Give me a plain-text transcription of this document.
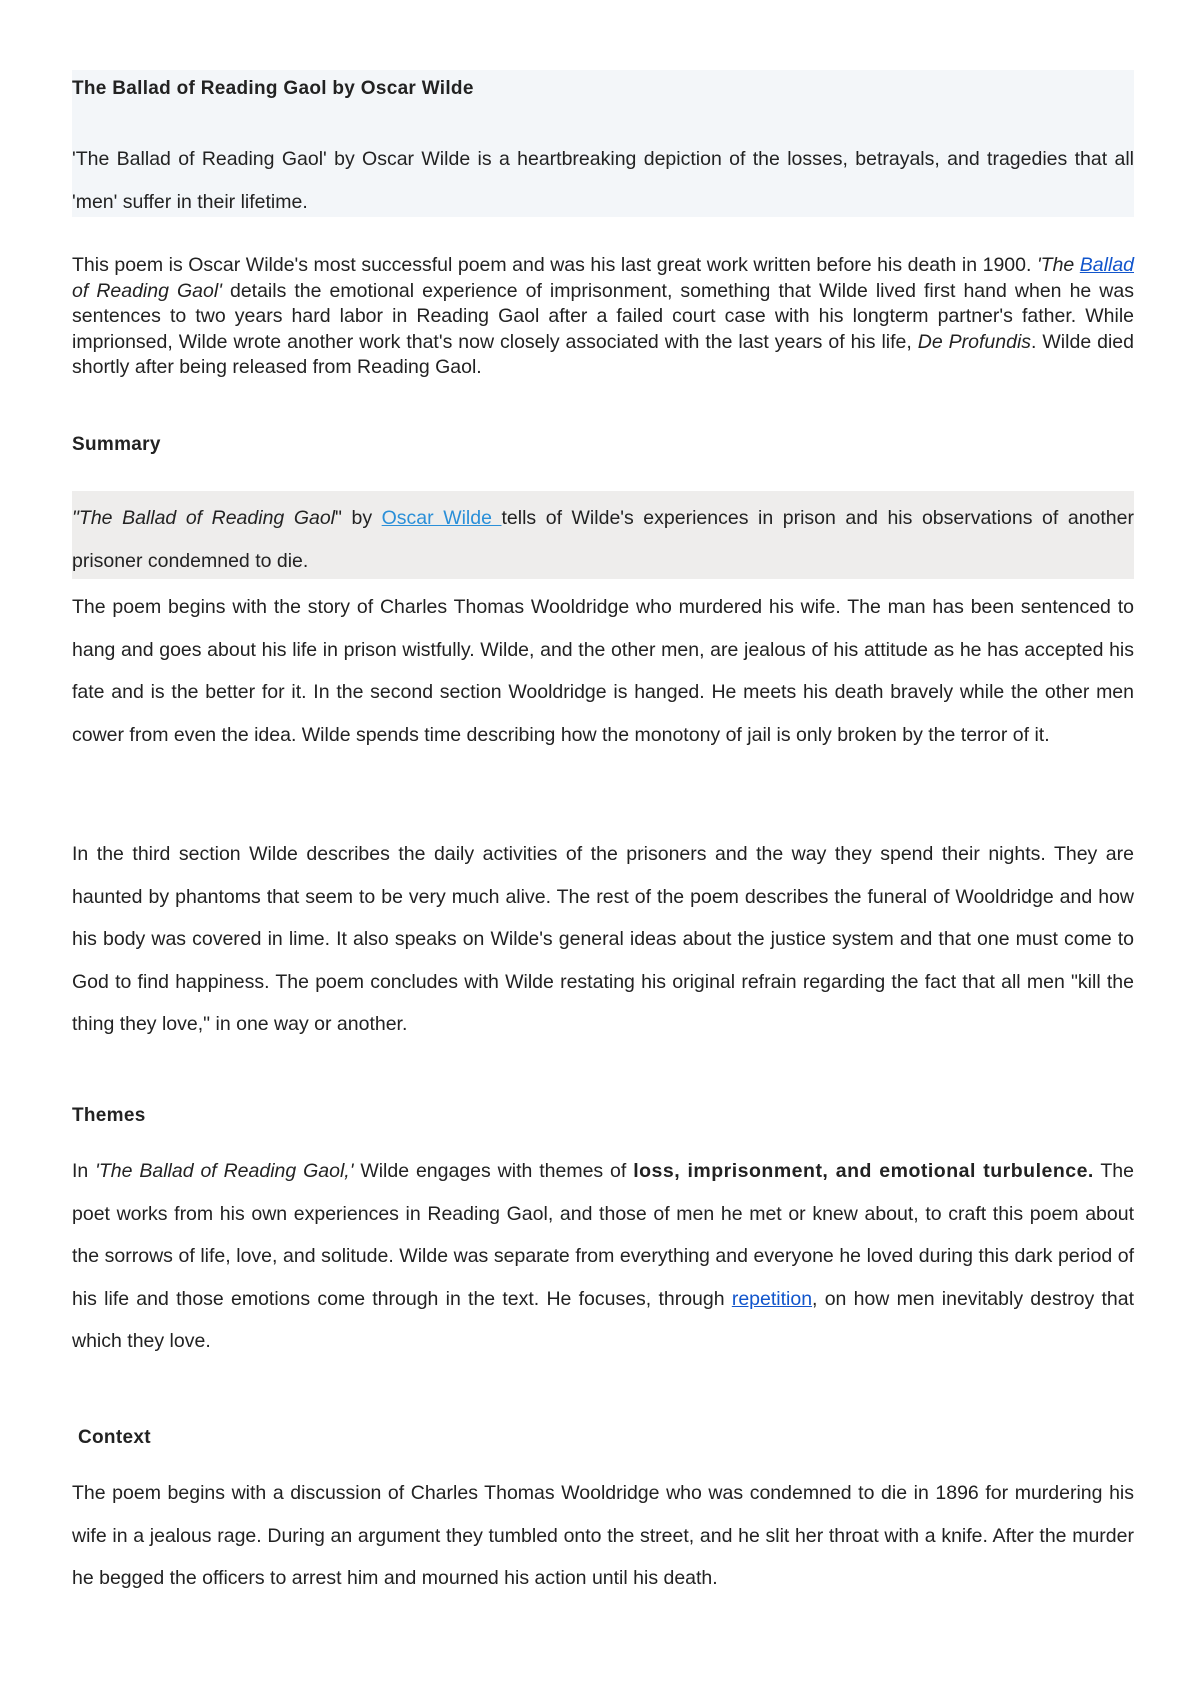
The Ballad of Reading Gaol by Oscar Wilde

'The Ballad of Reading Gaol' by Oscar Wilde is a heartbreaking depiction of the losses, betrayals, and tragedies that all 'men' suffer in their lifetime.

This poem is Oscar Wilde's most successful poem and was his last great work written before his death in 1900. 'The Ballad of Reading Gaol' details the emotional experience of imprisonment, something that Wilde lived first hand when he was sentences to two years hard labor in Reading Gaol after a failed court case with his longterm partner's father. While imprionsed, Wilde wrote another work that's now closely associated with the last years of his life, De Profundis. Wilde died shortly after being released from Reading Gaol.

Summary

"The Ballad of Reading Gaol" by Oscar Wilde tells of Wilde's experiences in prison and his observations of another prisoner condemned to die.

The poem begins with the story of Charles Thomas Wooldridge who murdered his wife. The man has been sentenced to hang and goes about his life in prison wistfully. Wilde, and the other men, are jealous of his attitude as he has accepted his fate and is the better for it. In the second section Wooldridge is hanged. He meets his death bravely while the other men cower from even the idea. Wilde spends time describing how the monotony of jail is only broken by the terror of it.

In the third section Wilde describes the daily activities of the prisoners and the way they spend their nights. They are haunted by phantoms that seem to be very much alive. The rest of the poem describes the funeral of Wooldridge and how his body was covered in lime. It also speaks on Wilde's general ideas about the justice system and that one must come to God to find happiness. The poem concludes with Wilde restating his original refrain regarding the fact that all men "kill the thing they love," in one way or another.

Themes

In 'The Ballad of Reading Gaol,' Wilde engages with themes of loss, imprisonment, and emotional turbulence. The poet works from his own experiences in Reading Gaol, and those of men he met or knew about, to craft this poem about the sorrows of life, love, and solitude. Wilde was separate from everything and everyone he loved during this dark period of his life and those emotions come through in the text. He focuses, through repetition, on how men inevitably destroy that which they love.

Context

The poem begins with a discussion of Charles Thomas Wooldridge who was condemned to die in 1896 for murdering his wife in a jealous rage. During an argument they tumbled onto the street, and he slit her throat with a knife. After the murder he begged the officers to arrest him and mourned his action until his death.
